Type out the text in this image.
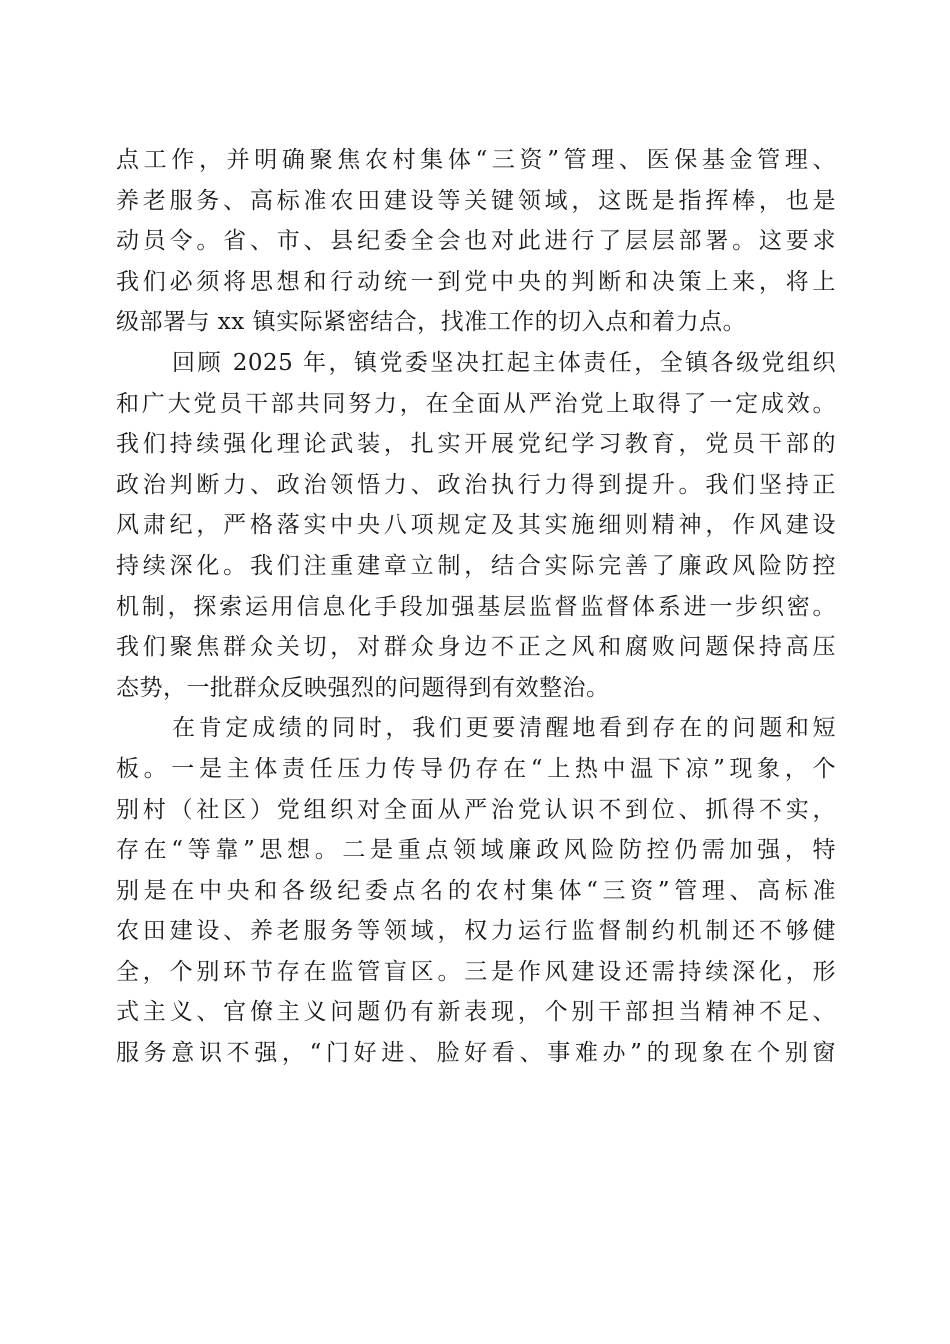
点工作，并明确聚焦农村集体“三资”管理、医保基金管理、
养老服务、高标准农田建设等关键领域，这既是指挥棒，也是
动员令。省、市、县纪委全会也对此进行了层层部署。这要求
我们必须将思想和行动统一到党中央的判断和决策上来，将上
级部署与 xx 镇实际紧密结合，找准工作的切入点和着力点。
回顾 2025 年，镇党委坚决扛起主体责任，全镇各级党组织
和广大党员干部共同努力，在全面从严治党上取得了一定成效。
我们持续强化理论武装，扎实开展党纪学习教育，党员干部的
政治判断力、政治领悟力、政治执行力得到提升。我们坚持正
风肃纪，严格落实中央八项规定及其实施细则精神，作风建设
持续深化。我们注重建章立制，结合实际完善了廉政风险防控
机制，探索运用信息化手段加强基层监督监督体系进一步织密。
我们聚焦群众关切，对群众身边不正之风和腐败问题保持高压
态势，一批群众反映强烈的问题得到有效整治。
在肯定成绩的同时，我们更要清醒地看到存在的问题和短
板。一是主体责任压力传导仍存在“上热中温下凉”现象，个
别村（社区）党组织对全面从严治党认识不到位、抓得不实，
存在“等靠”思想。二是重点领域廉政风险防控仍需加强，特
别是在中央和各级纪委点名的农村集体“三资”管理、高标准
农田建设、养老服务等领域，权力运行监督制约机制还不够健
全，个别环节存在监管盲区。三是作风建设还需持续深化，形
式主义、官僚主义问题仍有新表现，个别干部担当精神不足、
服务意识不强，“门好进、脸好看、事难办”的现象在个别窗
